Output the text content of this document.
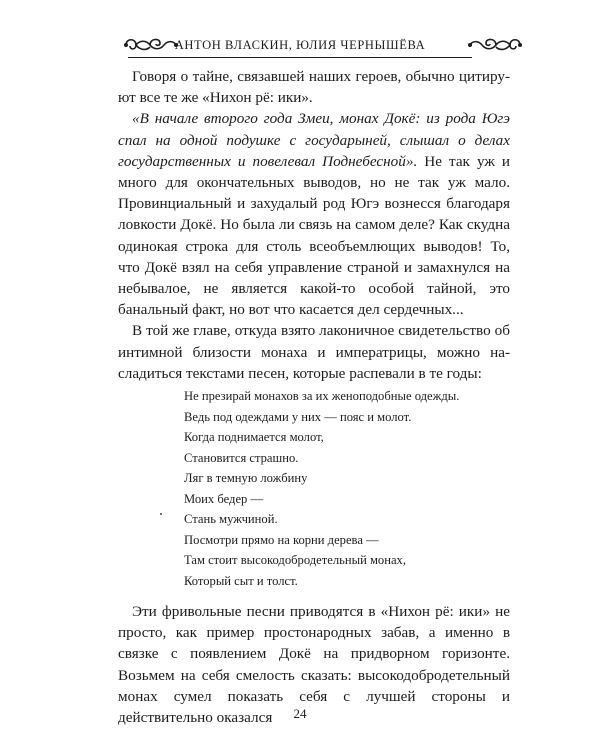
АНТОН ВЛАСКИН, ЮЛИЯ ЧЕРНЫШЁВА

Говоря о тайне, связавшей наших героев, обычно цитируют все те же «Нихон рё: ики».

«В начале второго года Змеи, монах Докё: из рода Югэ спал на одной подушке с государыней, слышал о делах государственных и повелевал Поднебесной». Не так уж и много для окончательных выводов, но не так уж мало. Провинциальный и захудалый род Югэ вознесся благодаря ловкости Докё. Но была ли связь на самом деле? Как скудна одинокая строка для столь всеобъемлющих выводов! То, что Докё взял на себя управление страной и замахнулся на небывалое, не является какой-то особой тайной, это банальный факт, но вот что касается дел сердечных...

В той же главе, откуда взято лаконичное свидетельство об интимной близости монаха и императрицы, можно насладиться текстами песен, которые распевали в те годы:

Не презирай монахов за их женоподобные одежды.
Ведь под одеждами у них — пояс и молот.
Когда поднимается молот,
Становится страшно.
Ляг в темную ложбину
Моих бедер —
Стань мужчиной.
Посмотри прямо на корни дерева —
Там стоит высокодобродетельный монах,
Который сыт и толст.

Эти фривольные песни приводятся в «Нихон рё: ики» не просто, как пример простонародных забав, а именно в связке с появлением Докё на придворном горизонте. Возьмем на себя смелость сказать: высокодобродетельный монах сумел показать себя с лучшей стороны и действительно оказался	24
